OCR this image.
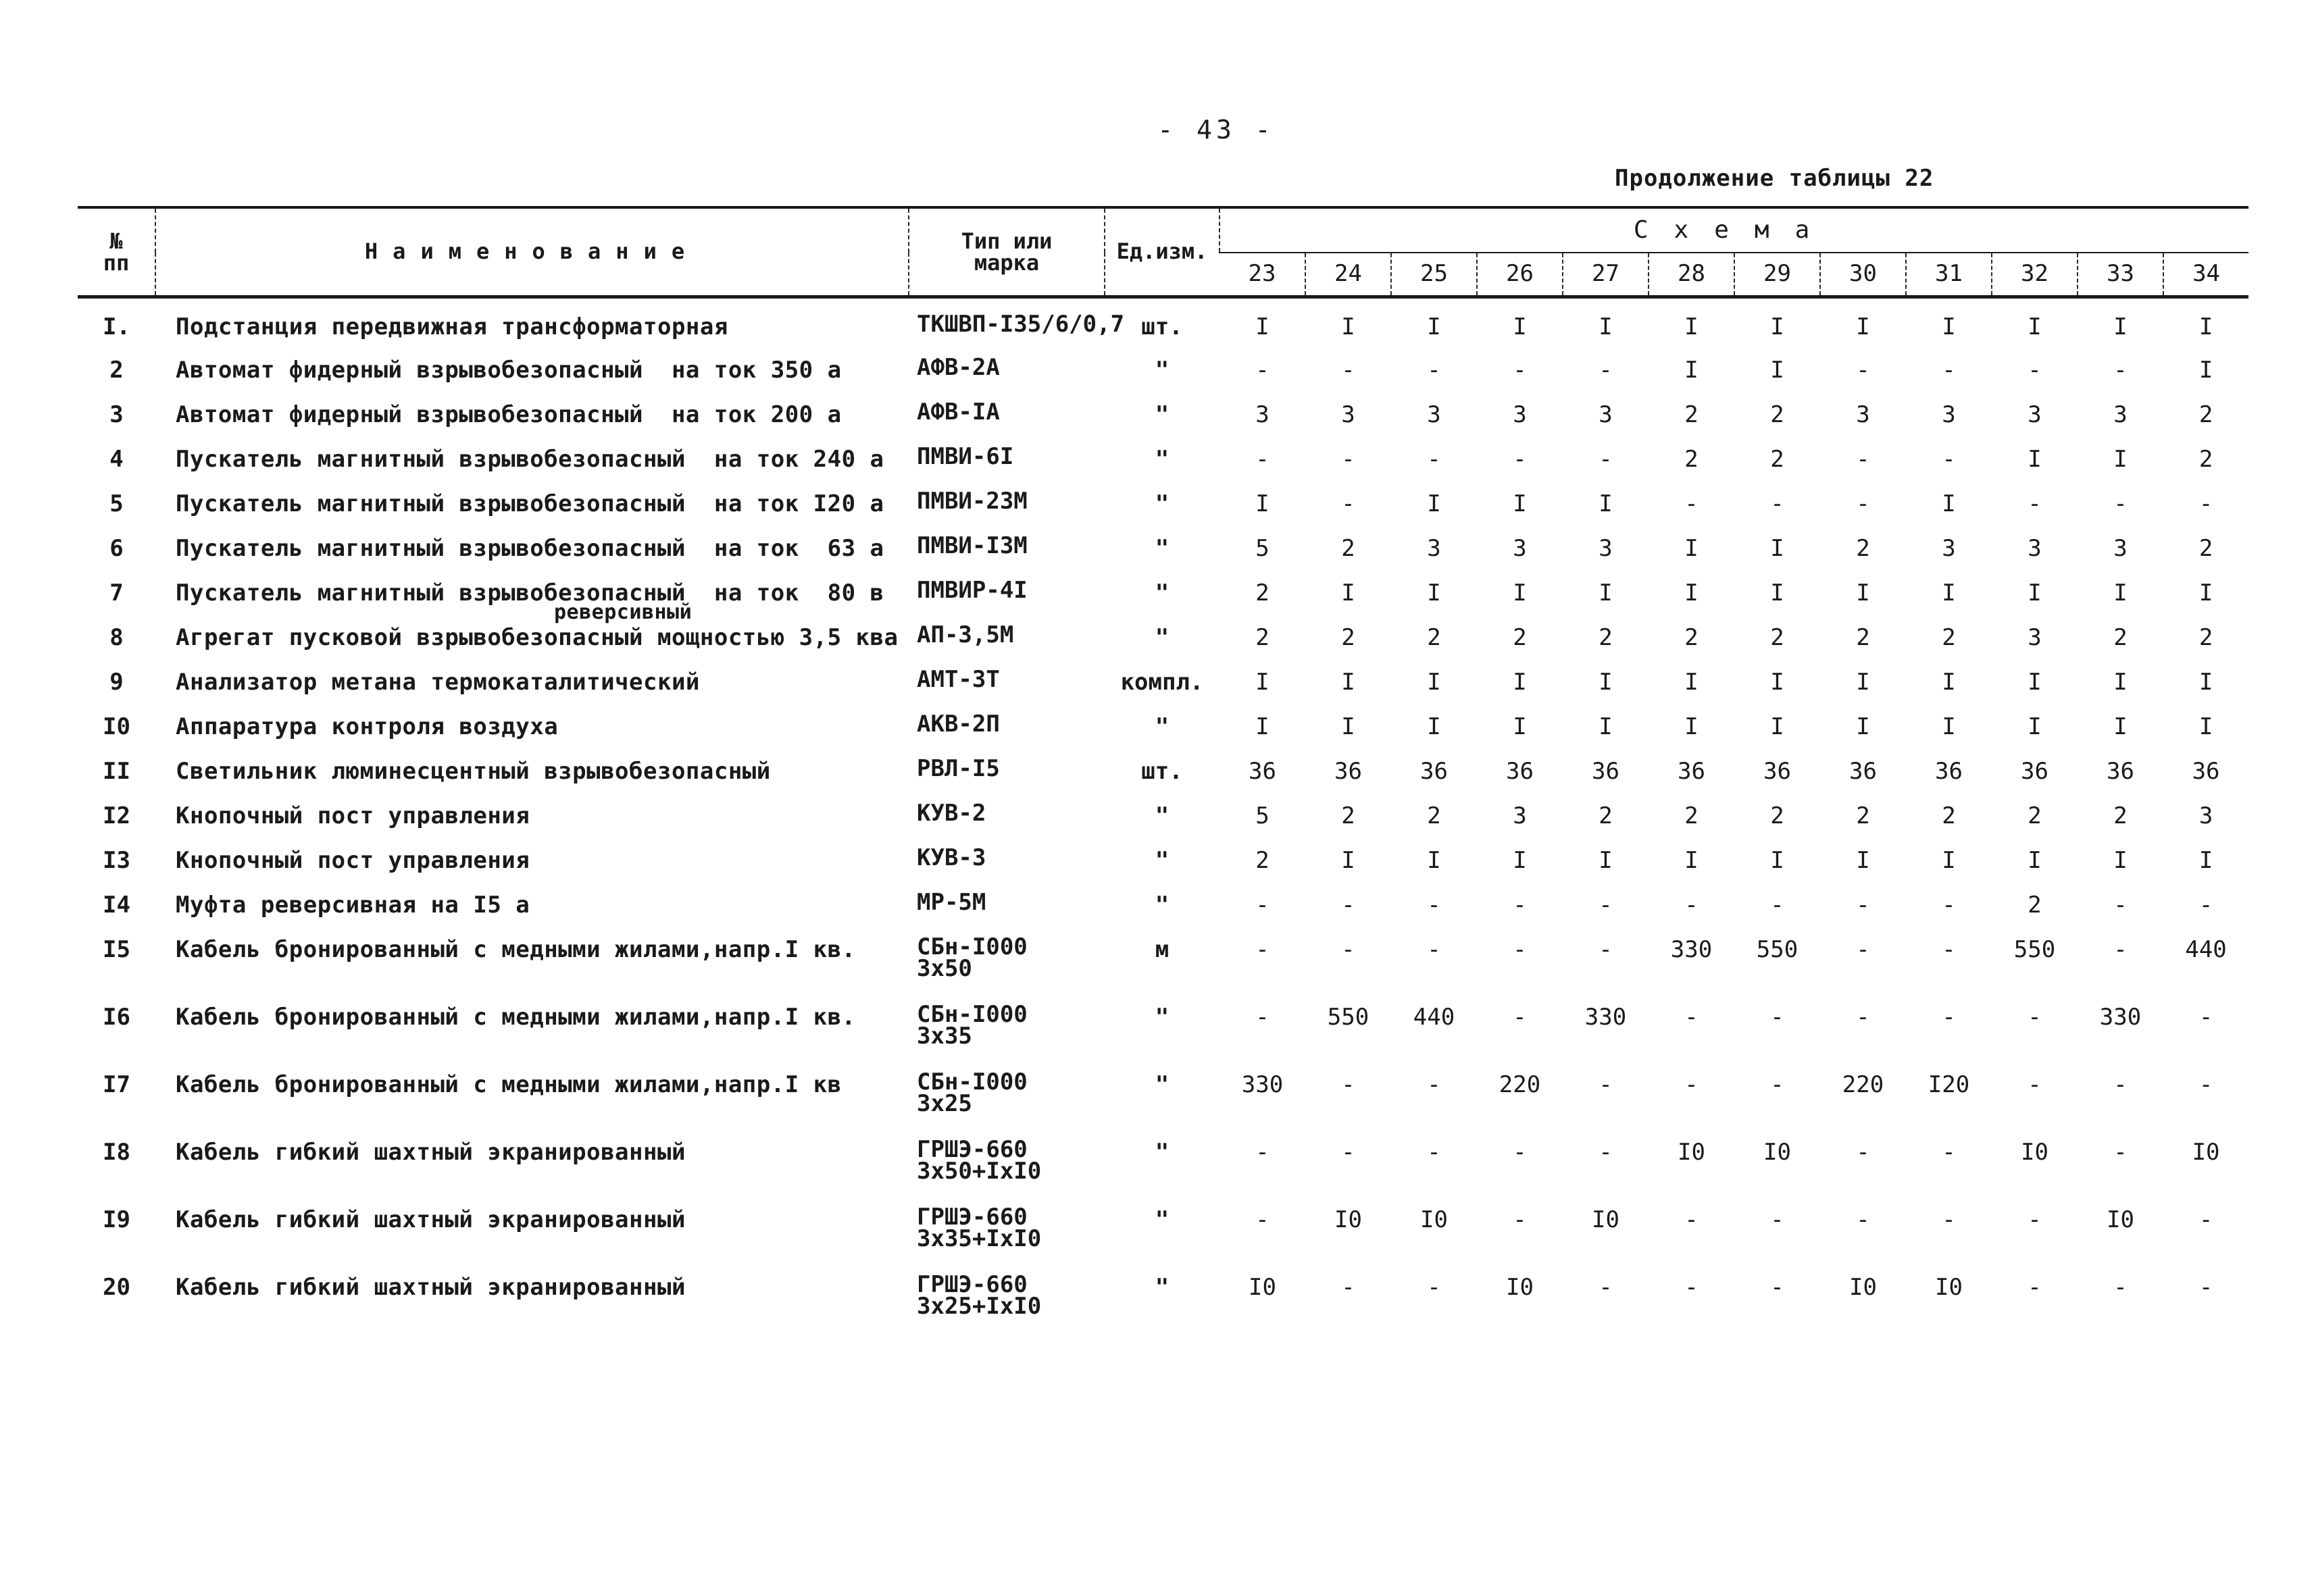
- 43 -
Продолжение таблицы 22
№
пп	Наименование	Тип или
марка	Ед.изм.	Схема											
				23	24	25	26	27	28	29	30	31	32	33	34
I.	Подстанция передвижная трансформаторная	ТКШВП-I35/6/0,7	шт.	I	I	I	I	I	I	I	I	I	I	I	I
2	Автомат фидерный взрывобезопасный  на ток 350 а	АФВ-2А	"	-	-	-	-	-	I	I	-	-	-	-	I
3	Автомат фидерный взрывобезопасный  на ток 200 а	АФВ-IА	"	3	3	3	3	3	2	2	3	3	3	3	2
4	Пускатель магнитный взрывобезопасный  на ток 240 а	ПМВИ-6I	"	-	-	-	-	-	2	2	-	-	I	I	2
5	Пускатель магнитный взрывобезопасный  на ток I20 а	ПМВИ-23М	"	I	-	I	I	I	-	-	-	I	-	-	-
6	Пускатель магнитный взрывобезопасный  на ток  63 а	ПМВИ-I3М	"	5	2	3	3	3	I	I	2	3	3	3	2
7	Пускатель магнитный взрывобезопасный  на ток  80 в
реверсивный	ПМВИР-4I	"	2	I	I	I	I	I	I	I	I	I	I	I
8	Агрегат пусковой взрывобезопасный мощностью 3,5 ква	АП-3,5М	"	2	2	2	2	2	2	2	2	2	3	2	2
9	Анализатор метана термокаталитический	АМТ-3Т	компл.	I	I	I	I	I	I	I	I	I	I	I	I
I0	Аппаратура контроля воздуха	АКВ-2П	"	I	I	I	I	I	I	I	I	I	I	I	I
II	Светильник люминесцентный взрывобезопасный	РВЛ-I5	шт.	36	36	36	36	36	36	36	36	36	36	36	36
I2	Кнопочный пост управления	КУВ-2	"	5	2	2	3	2	2	2	2	2	2	2	3
I3	Кнопочный пост управления	КУВ-3	"	2	I	I	I	I	I	I	I	I	I	I	I
I4	Муфта реверсивная на I5 а	МР-5М	"	-	-	-	-	-	-	-	-	-	2	-	-
I5	Кабель бронированный с медными жилами,напр.I кв.	СБн-I000
3х50	м	-	-	-	-	-	330	550	-	-	550	-	440
I6	Кабель бронированный с медными жилами,напр.I кв.	СБн-I000
3х35	"	-	550	440	-	330	-	-	-	-	-	330	-
I7	Кабель бронированный с медными жилами,напр.I кв	СБн-I000
3х25	"	330	-	-	220	-	-	-	220	I20	-	-	-
I8	Кабель гибкий шахтный экранированный	ГРШЭ-660
3х50+IхI0	"	-	-	-	-	-	I0	I0	-	-	I0	-	I0
I9	Кабель гибкий шахтный экранированный	ГРШЭ-660
3х35+IхI0	"	-	I0	I0	-	I0	-	-	-	-	-	I0	-
20	Кабель гибкий шахтный экранированный	ГРШЭ-660
3х25+IхI0	"	I0	-	-	I0	-	-	-	I0	I0	-	-	-
